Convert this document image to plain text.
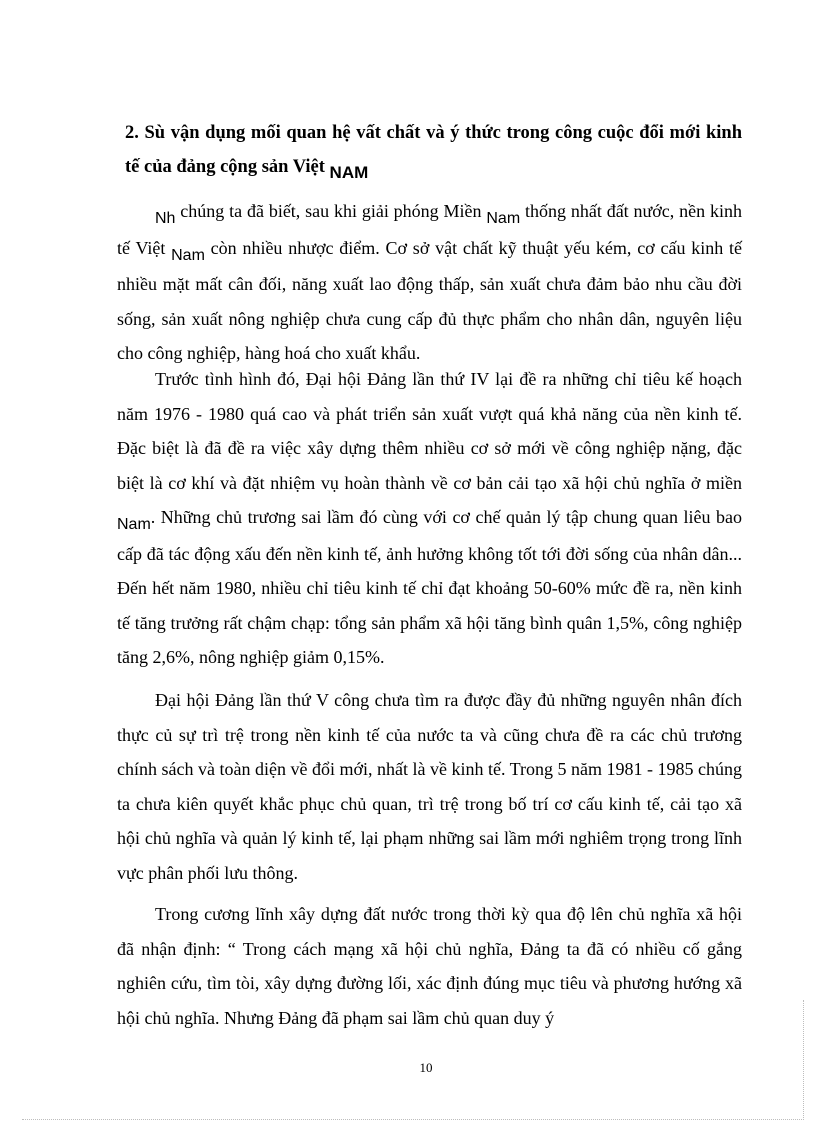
2. Sù vận dụng mối quan hệ vất chất và ý thức trong công cuộc đổi mới kinh tế của đảng cộng sản Việt NAM

Nh chúng ta đã biết, sau khi giải phóng Miền Nam thống nhất đất nước, nền kinh tế Việt Nam còn nhiều nhược điểm. Cơ sở vật chất kỹ thuật yếu kém, cơ cấu kinh tế nhiều mặt mất cân đối, năng xuất lao động thấp, sản xuất chưa đảm bảo nhu cầu đời sống, sản xuất nông nghiệp chưa cung cấp đủ thực phẩm cho nhân dân, nguyên liệu cho công nghiệp, hàng hoá cho xuất khẩu.

Trước tình hình đó, Đại hội Đảng lần thứ IV lại đề ra những chỉ tiêu kế hoạch năm 1976 - 1980 quá cao và phát triển sản xuất vượt quá khả năng của nền kinh tế. Đặc biệt là đã đề ra việc xây dựng thêm nhiều cơ sở mới về công nghiệp nặng, đặc biệt là cơ khí và đặt nhiệm vụ hoàn thành về cơ bản cải tạo xã hội chủ nghĩa ở miền Nam. Những chủ trương sai lầm đó cùng với cơ chế quản lý tập chung quan liêu bao cấp đã tác động xấu đến nền kinh tế, ảnh hưởng không tốt tới đời sống của nhân dân... Đến hết năm 1980, nhiều chỉ tiêu kinh tế chỉ đạt khoảng 50-60% mức đề ra, nền kinh tế tăng trưởng rất chậm chạp: tổng sản phẩm xã hội tăng bình quân 1,5%, công nghiệp tăng 2,6%, nông nghiệp giảm 0,15%.

Đại hội Đảng lần thứ V công chưa tìm ra được đầy đủ những nguyên nhân đích thực củ sự trì trệ trong nền kinh tế của nước ta và cũng chưa đề ra các chủ trương chính sách và toàn diện về đổi mới, nhất là về kinh tế. Trong 5 năm 1981 - 1985 chúng ta chưa kiên quyết khắc phục chủ quan, trì trệ trong bố trí cơ cấu kinh tế, cải tạo xã hội chủ nghĩa và quản lý kinh tế, lại phạm những sai lầm mới nghiêm trọng trong lĩnh vực phân phối lưu thông.

Trong cương lĩnh xây dựng đất nước trong thời kỳ qua độ lên chủ nghĩa xã hội đã nhận định: “ Trong cách mạng xã hội chủ nghĩa, Đảng ta đã có nhiều cố gắng nghiên cứu, tìm tòi, xây dựng đường lối, xác định đúng mục tiêu và phương hướng xã hội chủ nghĩa. Nhưng Đảng đã phạm sai lầm chủ quan duy ý

10
